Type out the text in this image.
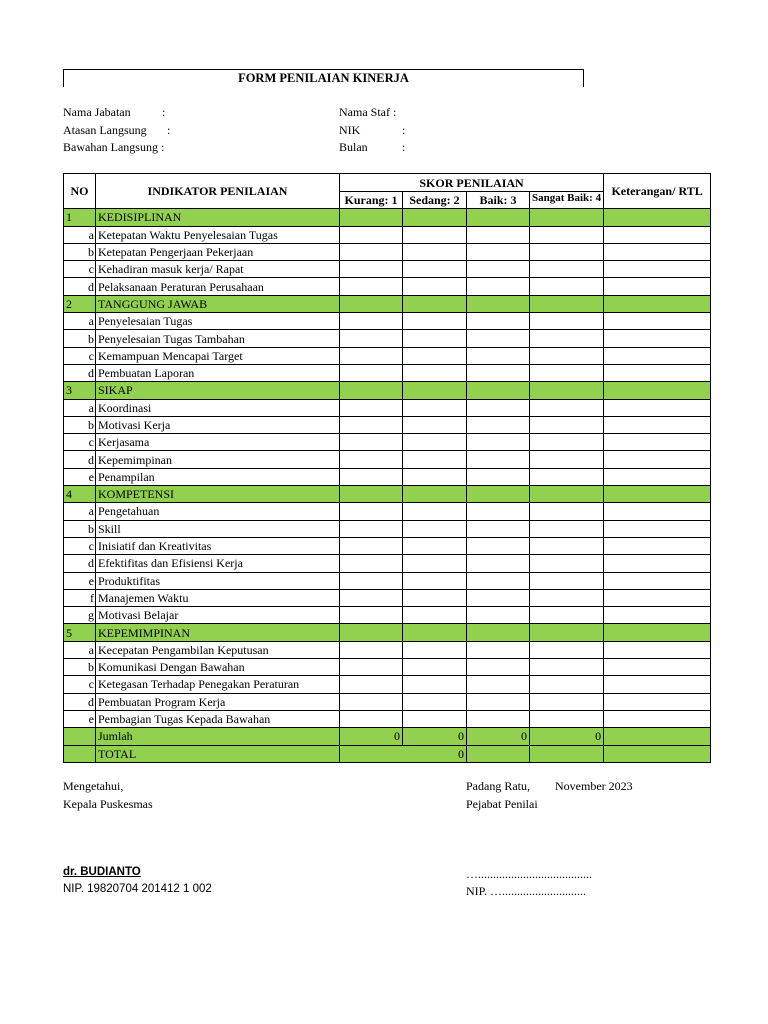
FORM PENILAIAN KINERJA
Nama Jabatan	:
Atasan Langsung :
Bawahan Langsung :
Nama Staf :
NIK	:
Bulan	:
NO	INDIKATOR PENILAIAN	SKOR PENILAIAN				Keterangan/ RTL
		Kurang: 1	Sedang: 2	Baik: 3	Sangat Baik: 4	

1	KEDISIPLINAN					
a	Ketepatan Waktu Penyelesaian Tugas					
b	Ketepatan Pengerjaan Pekerjaan					
c	Kehadiran masuk kerja/ Rapat					
d	Pelaksanaan Peraturan Perusahaan					
2	TANGGUNG JAWAB					
a	Penyelesaian Tugas					
b	Penyelesaian Tugas Tambahan					
c	Kemampuan Mencapai Target					
d	Pembuatan Laporan					
3	SIKAP					
a	Koordinasi					
b	Motivasi Kerja					
c	Kerjasama					
d	Kepemimpinan					
e	Penampilan					
4	KOMPETENSI					
a	Pengetahuan					
b	Skill					
c	Inisiatif dan Kreativitas					
d	Efektifitas dan Efisiensi Kerja					
e	Produktifitas					
f	Manajemen Waktu					
g	Motivasi Belajar					
5	KEPEMIMPINAN					
a	Kecepatan Pengambilan Keputusan					
b	Komunikasi Dengan Bawahan					
c	Ketegasan Terhadap Penegakan Peraturan					
d	Pembuatan Program Kerja					
e	Pembagian Tugas Kepada Bawahan					
	Jumlah	0	0	0	0	
	TOTAL	0				
Mengetahui,
Kepala Puskesmas
Padang Ratu, November 2023
Pejabat Penilai
dr. BUDIANTO
NIP. 19820704 201412 1 002
…......................................
NIP. …............................
